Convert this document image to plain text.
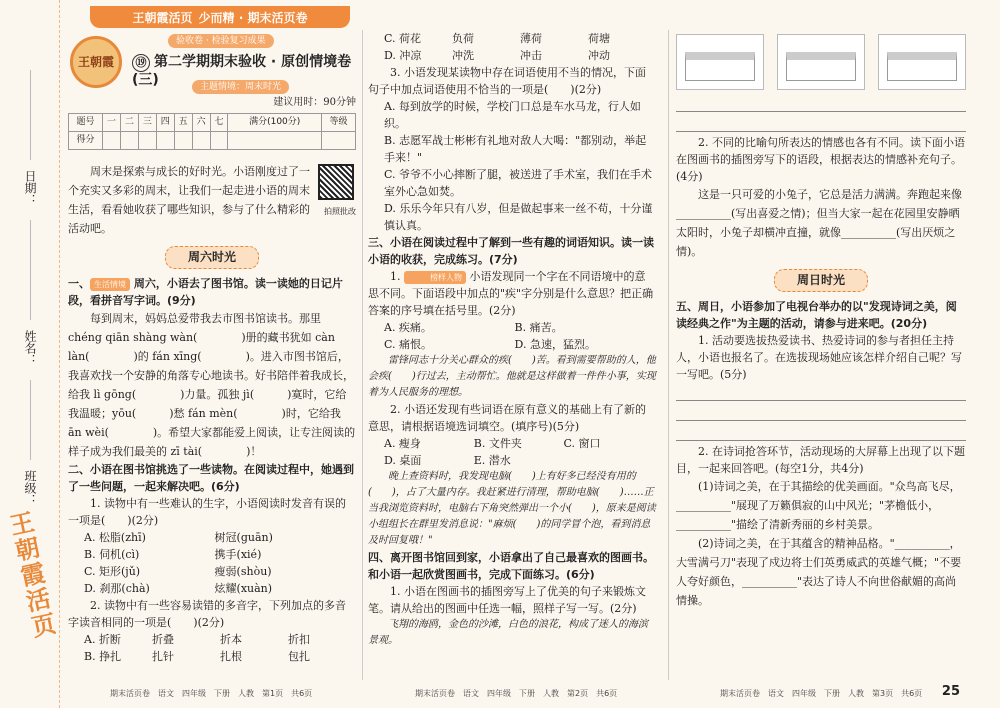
日期：
姓名：
班级：
王朝霞活页
王朝霞活页 少而精 · 期末活页卷
王朝霞
验收卷 · 检验复习成果
⑲ 第二学期期末验收 · 原创情境卷(三)	主题情境：周末时光
建议用时：90分钟
题号	一	二	三	四	五	六	七	满分(100分)	等级
得分									
周末是探索与成长的好时光。小语刚度过了一个充实又多彩的周末，让我们一起走进小语的周末生活，看看她收获了哪些知识，参与了什么精彩的活动吧。
拍照批改
周六时光
一、 生活情境 周六，小语去了图书馆。读一读她的日记片段，看拼音写字词。(9分)
每到周末，妈妈总爱带我去市图书馆读书。那里 chéng qiān shàng wàn(　　　　)册的藏书犹如 càn làn(　　　　)的 fán xīng(　　　　)。进入市图书馆后，我喜欢找一个安静的角落专心地读书。好书陪伴着我成长，给我 lì gōng(　　　　)力量。孤独 jì(　　　)寞时，它给我温暖；yōu(　　　)愁 fán mèn(　　　　)时，它给我 ān wèi(　　　　)。希望大家都能爱上阅读，让专注阅读的样子成为我们最美的 zī tài(　　　　)！
二、小语在图书馆挑选了一些读物。在阅读过程中，她遇到了一些问题，一起来解决吧。(6分)
1. 读物中有一些难认的生字，小语阅读时发音有误的一项是(　　)(2分)
A. 松脂(zhī)	树冠(guān)
B. 伺机(cì)	携手(xié)
C. 矩形(jǔ)	瘦弱(shòu)
D. 刹那(chà)	炫耀(xuàn)
2. 读物中有一些容易读错的多音字，下列加点的多音字读音相同的一项是(　　)(2分)
A. 折断	折叠	折本	折扣
B. 挣扎	扎针	扎根	包扎
C. 荷花	负荷	薄荷	荷塘
D. 冲凉	冲洗	冲击	冲动
3. 小语发现某读物中存在词语使用不当的情况，下面句子中加点词语使用不恰当的一项是(　　)(2分)
A. 每到放学的时候，学校门口总是车水马龙，行人如织。
B. 志愿军战士彬彬有礼地对敌人大喝："都别动，举起手来！"
C. 爷爷不小心摔断了腿，被送进了手术室，我们在手术室外心急如焚。
D. 乐乐今年只有八岁，但是做起事来一丝不苟，十分谨慎认真。
三、小语在阅读过程中了解到一些有趣的词语知识。读一读小语的收获，完成练习。(7分)
1.	榜样人物 小语发现同一个字在不同语境中的意思不同。下面语段中加点的"疾"字分别是什么意思？把正确答案的序号填在括号里。(2分)
A. 疾痛。	B. 痛苦。
C. 痛恨。	D. 急速，猛烈。
雷锋同志十分关心群众的疾(　　)苦。看到需要帮助的人，他会疾(　　)行过去，主动帮忙。他就是这样做着一件件小事，实现着为人民服务的理想。
2. 小语还发现有些词语在原有意义的基础上有了新的意思，请根据语境选词填空。(填序号)(5分)
A. 瘦身	B. 文件夹	C. 窗口
D. 桌面	E. 潜水
晚上查资料时，我发现电脑(　　)上有好多已经没有用的(　　)，占了大量内存。我赶紧进行清理，帮助电脑(　　)……正当我浏览资料时，电脑右下角突然弹出一个小(　　)，原来是阅读小组组长在群里发消息说："麻烦(　　)的同学冒个泡，看到消息及时回复哦！"
四、离开图书馆回到家，小语拿出了自己最喜欢的图画书。和小语一起欣赏图画书，完成下面练习。(6分)
1. 小语在图画书的插图旁写上了优美的句子来锻炼文笔。请从给出的图画中任选一幅，照样子写一写。(2分)
飞翔的海鸥，金色的沙滩，白色的浪花，构成了迷人的海滨景观。
2. 不同的比喻句所表达的情感也各有不同。读下面小语在图画书的插图旁写下的语段，根据表达的情感补充句子。(4分)
这是一只可爱的小兔子，它总是活力满满。奔跑起来像__________(写出喜爱之情)；但当大家一起在花园里安静晒太阳时，小兔子却横冲直撞，就像__________(写出厌烦之情)。
周日时光
五、周日，小语参加了电视台举办的以"发现诗词之美，阅读经典之作"为主题的活动，请参与进来吧。(20分)
1. 活动要选拔热爱读书、热爱诗词的参与者担任主持人，小语也报名了。在选拔现场她应该怎样介绍自己呢？写一写吧。(5分)
2. 在诗词抢答环节，活动现场的大屏幕上出现了以下题目，一起来回答吧。(每空1分，共4分)
(1)诗词之美，在于其描绘的优美画面。"众鸟高飞尽，__________"展现了万籁俱寂的山中风光；"茅檐低小，__________"描绘了清新秀丽的乡村美景。
(2)诗词之美，在于其蕴含的精神品格。"__________，大雪满弓刀"表现了戍边将士们英勇威武的英雄气概；"不要人夸好颜色，__________"表达了诗人不向世俗献媚的高尚情操。
期末活页卷　语文　四年级　下册　人教　第1页　共6页	期末活页卷　语文　四年级　下册　人教　第2页　共6页	期末活页卷　语文　四年级　下册　人教　第3页　共6页 25
